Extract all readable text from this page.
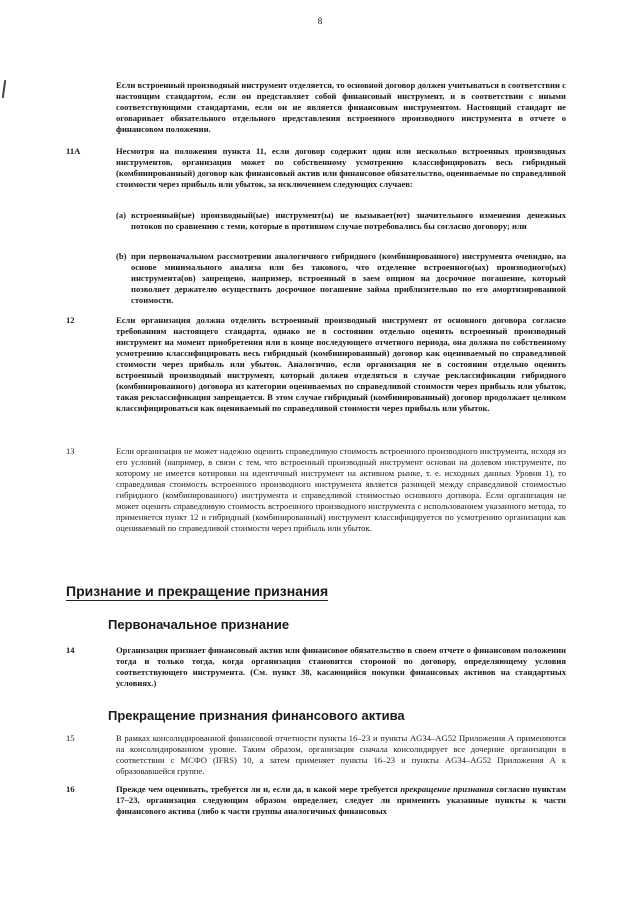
8
Если встроенный производный инструмент отделяется, то основной договор должен учитываться в соответствии с настоящим стандартом, если он представляет собой финансовый инструмент, и в соответствии с иными соответствующими стандартами, если он не является финансовым инструментом. Настоящий стандарт не оговаривает обязательного отдельного представления встроенного производного инструмента в отчете о финансовом положении.
11A	Несмотря на положения пункта 11, если договор содержит один или несколько встроенных производных инструментов, организация может по собственному усмотрению классифицировать весь гибридный (комбинированный) договор как финансовый актив или финансовое обязательство, оцениваемые по справедливой стоимости через прибыль или убыток, за исключением следующих случаев:
(a) встроенный(ые) производный(ые) инструмент(ы) не вызывает(ют) значительного изменения денежных потоков по сравнению с теми, которые в противном случае потребовались бы согласно договору; или
(b) при первоначальном рассмотрении аналогичного гибридного (комбинированного) инструмента очевидно, на основе минимального анализа или без такового, что отделение встроенного(ых) производного(ых) инструмента(ов) запрещено, например, встроенный в заем опцион на досрочное погашение, который позволяет держателю осуществить досрочное погашение займа приблизительно по его амортизированной стоимости.
12	Если организация должна отделить встроенный производный инструмент от основного договора согласно требованиям настоящего стандарта, однако не в состоянии отдельно оценить встроенный производный инструмент на момент приобретения или в конце последующего отчетного периода, она должна по собственному усмотрению классифицировать весь гибридный (комбинированный) договор как оцениваемый по справедливой стоимости через прибыль или убыток. Аналогично, если организация не в состоянии отдельно оценить встроенный производный инструмент, который должен отделяться в случае реклассификации гибридного (комбинированного) договора из категории оцениваемых по справедливой стоимости через прибыль или убыток, такая реклассификация запрещается. В этом случае гибридный (комбинированный) договор продолжает целиком классифицироваться как оцениваемый по справедливой стоимости через прибыль или убыток.
13	Если организация не может надежно оценить справедливую стоимость встроенного производного инструмента, исходя из его условий (например, в связи с тем, что встроенный производный инструмент основан на долевом инструменте, по которому не имеется котировки на идентичный инструмент на активном рынке, т. е. исходных данных Уровня 1), то справедливая стоимость встроенного производного инструмента является разницей между справедливой стоимостью гибридного (комбинированного) инструмента и справедливой стоимостью основного договора. Если организация не может оценить справедливую стоимость встроенного производного инструмента с использованием указанного метода, то применяется пункт 12 и гибридный (комбинированный) инструмент классифицируется по усмотрению организации как оцениваемый по справедливой стоимости через прибыль или убыток.
Признание и прекращение признания
Первоначальное признание
14	Организация признает финансовый актив или финансовое обязательство в своем отчете о финансовом положении тогда и только тогда, когда организация становится стороной по договору, определяющему условия соответствующего инструмента. (См. пункт 38, касающийся покупки финансовых активов на стандартных условиях.)
Прекращение признания финансового актива
15	В рамках консолидированной финансовой отчетности пункты 16–23 и пункты AG34–AG52 Приложения А применяются на консолидированном уровне. Таким образом, организация сначала консолидирует все дочерние организации в соответствии с МСФО (IFRS) 10, а затем применяет пункты 16–23 и пункты AG34–AG52 Приложения А к образовавшейся группе.
16	Прежде чем оценивать, требуется ли и, если да, в какой мере требуется прекращение признания согласно пунктам 17–23, организация следующим образом определяет, следует ли применить указанные пункты к части финансового актива (либо к части группы аналогичных финансовых
